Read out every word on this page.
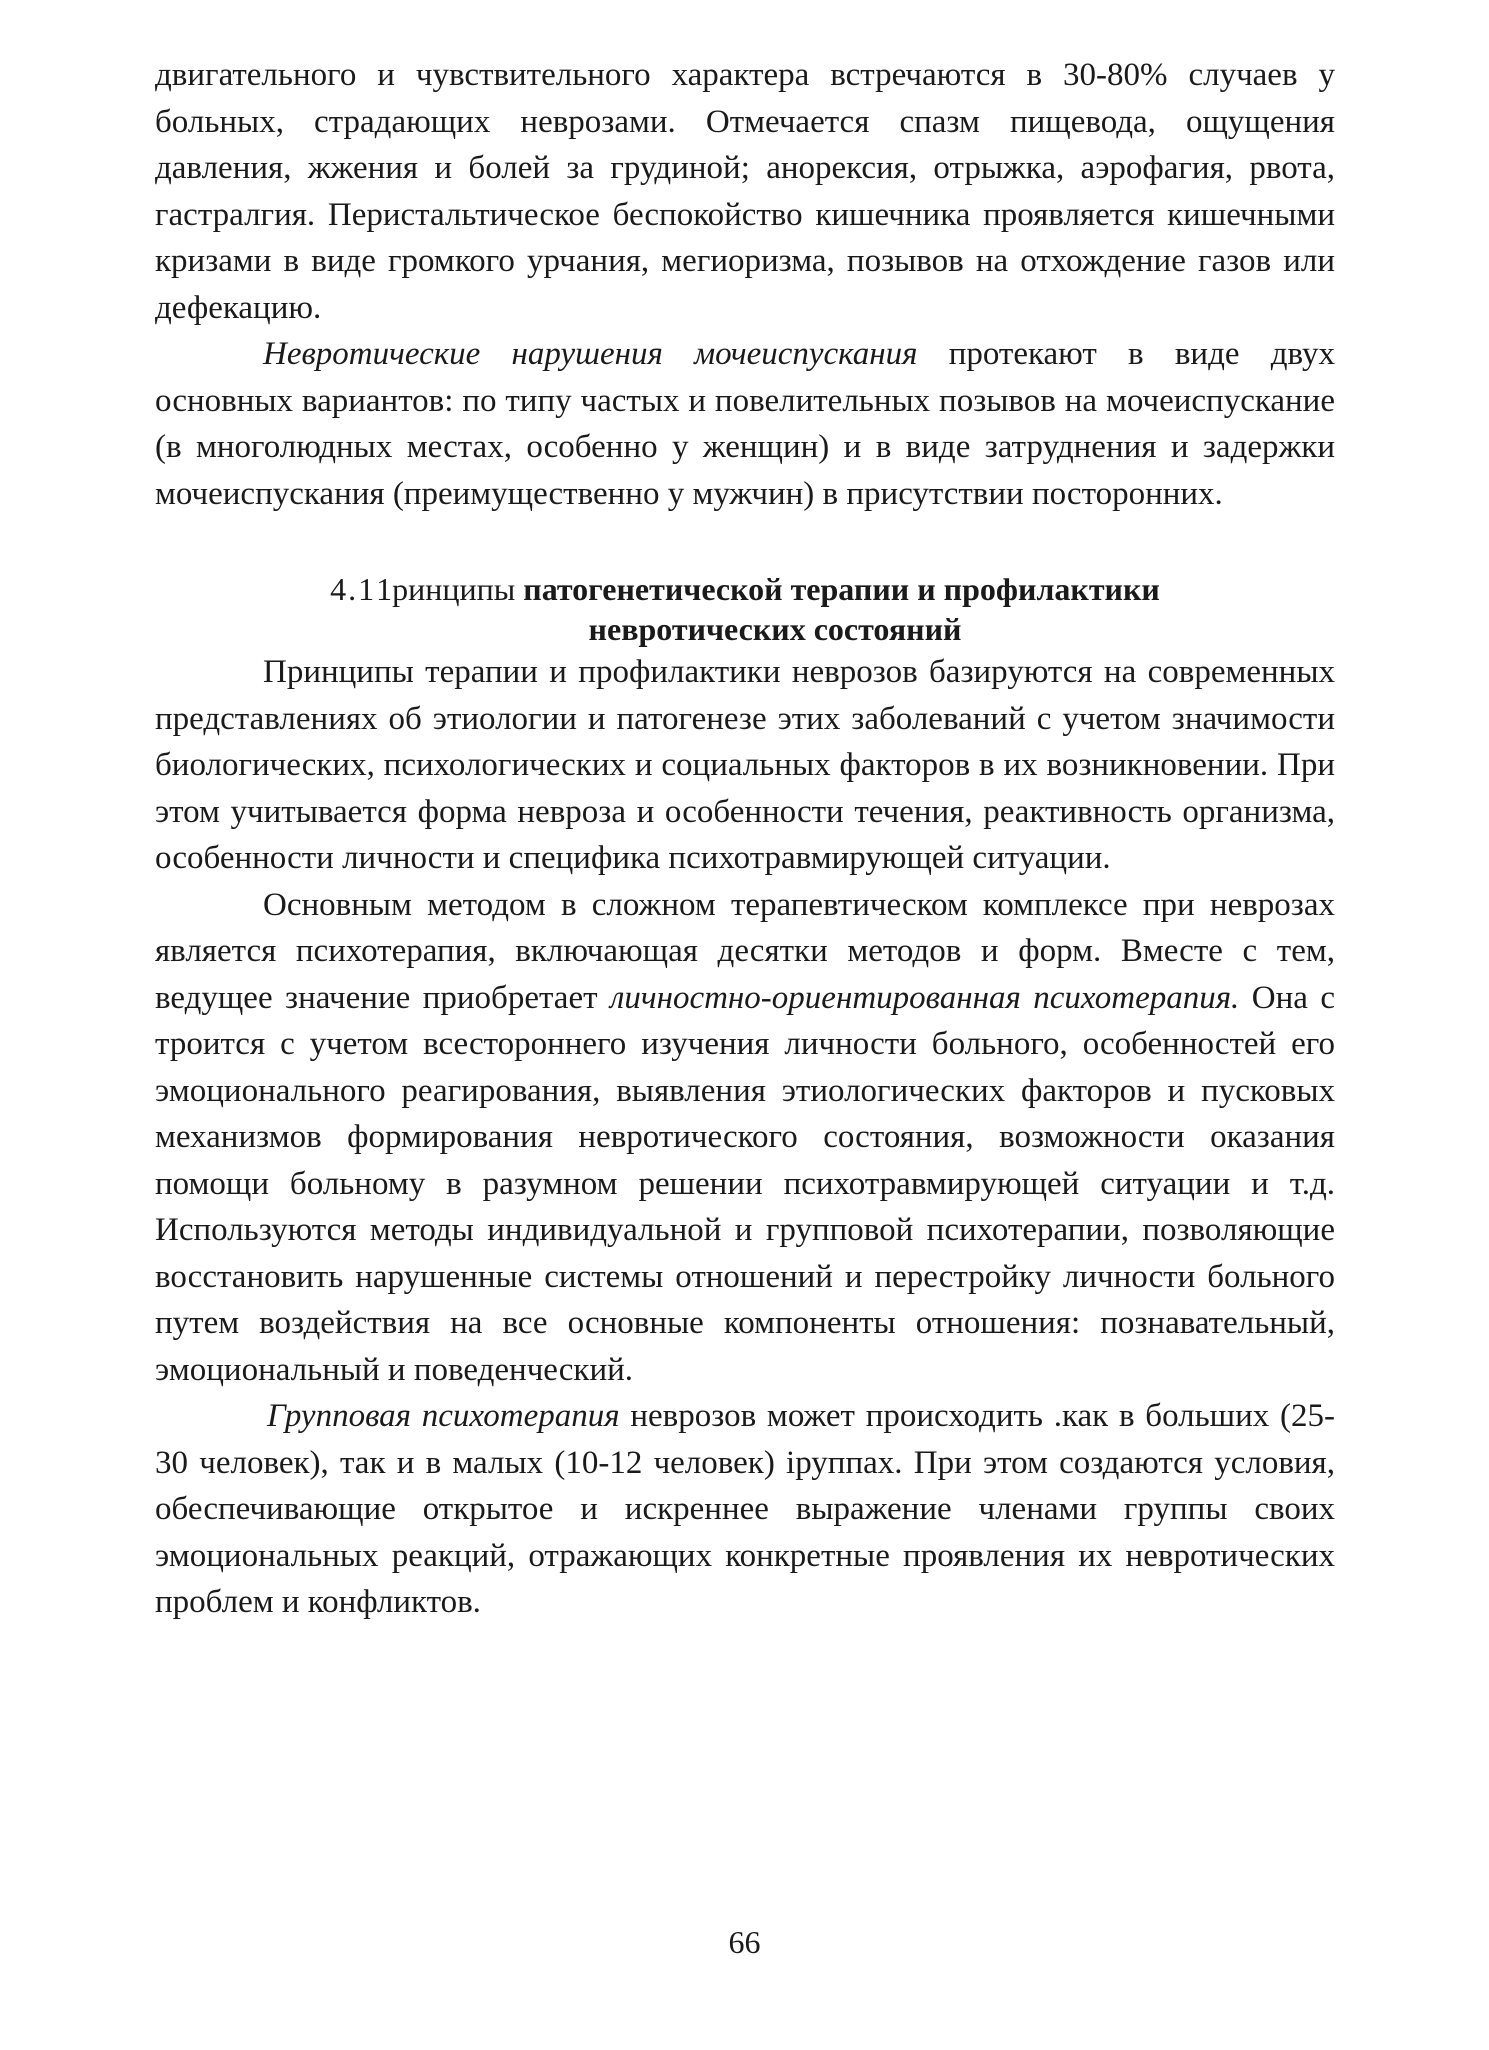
двигательного и чувствительного характера встречаются в 30-80% случаев у больных, страдающих неврозами. Отмечается спазм пищевода, ощущения давления, жжения и болей за грудиной; анорексия, отрыжка, аэрофагия, рвота, гастралгия. Перистальтическое беспокойство кишечника проявляется кишечными кризами в виде громкого урчания, мегиоризма, позывов на отхождение газов или дефекацию.

Невротические нарушения мочеиспускания протекают в виде двух основных вариантов: по типу частых и повелительных позывов на мочеиспускание (в многолюдных местах, особенно у женщин) и в виде затруднения и задержки мочеиспускания (преимущественно у мужчин) в присутствии посторонних.

4.11ринципы патогенетической терапии и профилактики
невротических состояний

Принципы терапии и профилактики неврозов базируются на современных представлениях об этиологии и патогенезе этих заболеваний с учетом значимости биологических, психологических и социальных факторов в их возникновении. При этом учитывается форма невроза и особенности течения, реактивность организма, особенности личности и специфика психотравмирующей ситуации.

Основным методом в сложном терапевтическом комплексе при неврозах является психотерапия, включающая десятки методов и форм. Вместе с тем, ведущее значение приобретает личностно-ориентированная психотерапия. Она с троится с учетом всестороннего изучения личности больного, особенностей его эмоционального реагирования, выявления этиологических факторов и пусковых механизмов формирования невротического состояния, возможности оказания помощи больному в разумном решении психотравмирующей ситуации и т.д. Используются методы индивидуальной и групповой психотерапии, позволяющие восстановить нарушенные системы отношений и перестройку личности больного путем воздействия на все основные компоненты отношения: познавательный, эмоциональный и поведенческий.

Групповая психотерапия неврозов может происходить .как в больших (25-30 человек), так и в малых (10-12 человек) іруппах. При этом создаются условия, обеспечивающие открытое и искреннее выражение членами группы своих эмоциональных реакций, отражающих конкретные проявления их невротических проблем и конфликтов.

66
